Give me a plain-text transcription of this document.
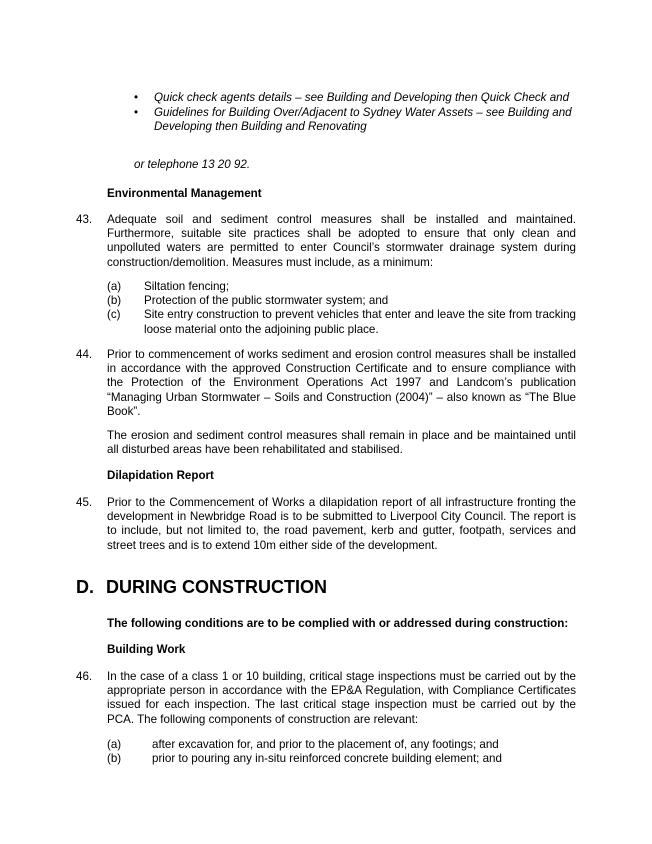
• Quick check agents details – see Building and Developing then Quick Check and
• Guidelines for Building Over/Adjacent to Sydney Water Assets – see Building and Developing then Building and Renovating
or telephone 13 20 92.
Environmental Management
43. Adequate soil and sediment control measures shall be installed and maintained. Furthermore, suitable site practices shall be adopted to ensure that only clean and unpolluted waters are permitted to enter Council’s stormwater drainage system during construction/demolition. Measures must include, as a minimum:
(a) Siltation fencing;
(b) Protection of the public stormwater system; and
(c) Site entry construction to prevent vehicles that enter and leave the site from tracking loose material onto the adjoining public place.
44. Prior to commencement of works sediment and erosion control measures shall be installed in accordance with the approved Construction Certificate and to ensure compliance with the Protection of the Environment Operations Act 1997 and Landcom’s publication “Managing Urban Stormwater – Soils and Construction (2004)” – also known as “The Blue Book”.
The erosion and sediment control measures shall remain in place and be maintained until all disturbed areas have been rehabilitated and stabilised.
Dilapidation Report
45. Prior to the Commencement of Works a dilapidation report of all infrastructure fronting the development in Newbridge Road is to be submitted to Liverpool City Council. The report is to include, but not limited to, the road pavement, kerb and gutter, footpath, services and street trees and is to extend 10m either side of the development.
D. DURING CONSTRUCTION
The following conditions are to be complied with or addressed during construction:
Building Work
46. In the case of a class 1 or 10 building, critical stage inspections must be carried out by the appropriate person in accordance with the EP&A Regulation, with Compliance Certificates issued for each inspection. The last critical stage inspection must be carried out by the PCA. The following components of construction are relevant:
(a)	after excavation for, and prior to the placement of, any footings; and
(b)	prior to pouring any in-situ reinforced concrete building element; and
